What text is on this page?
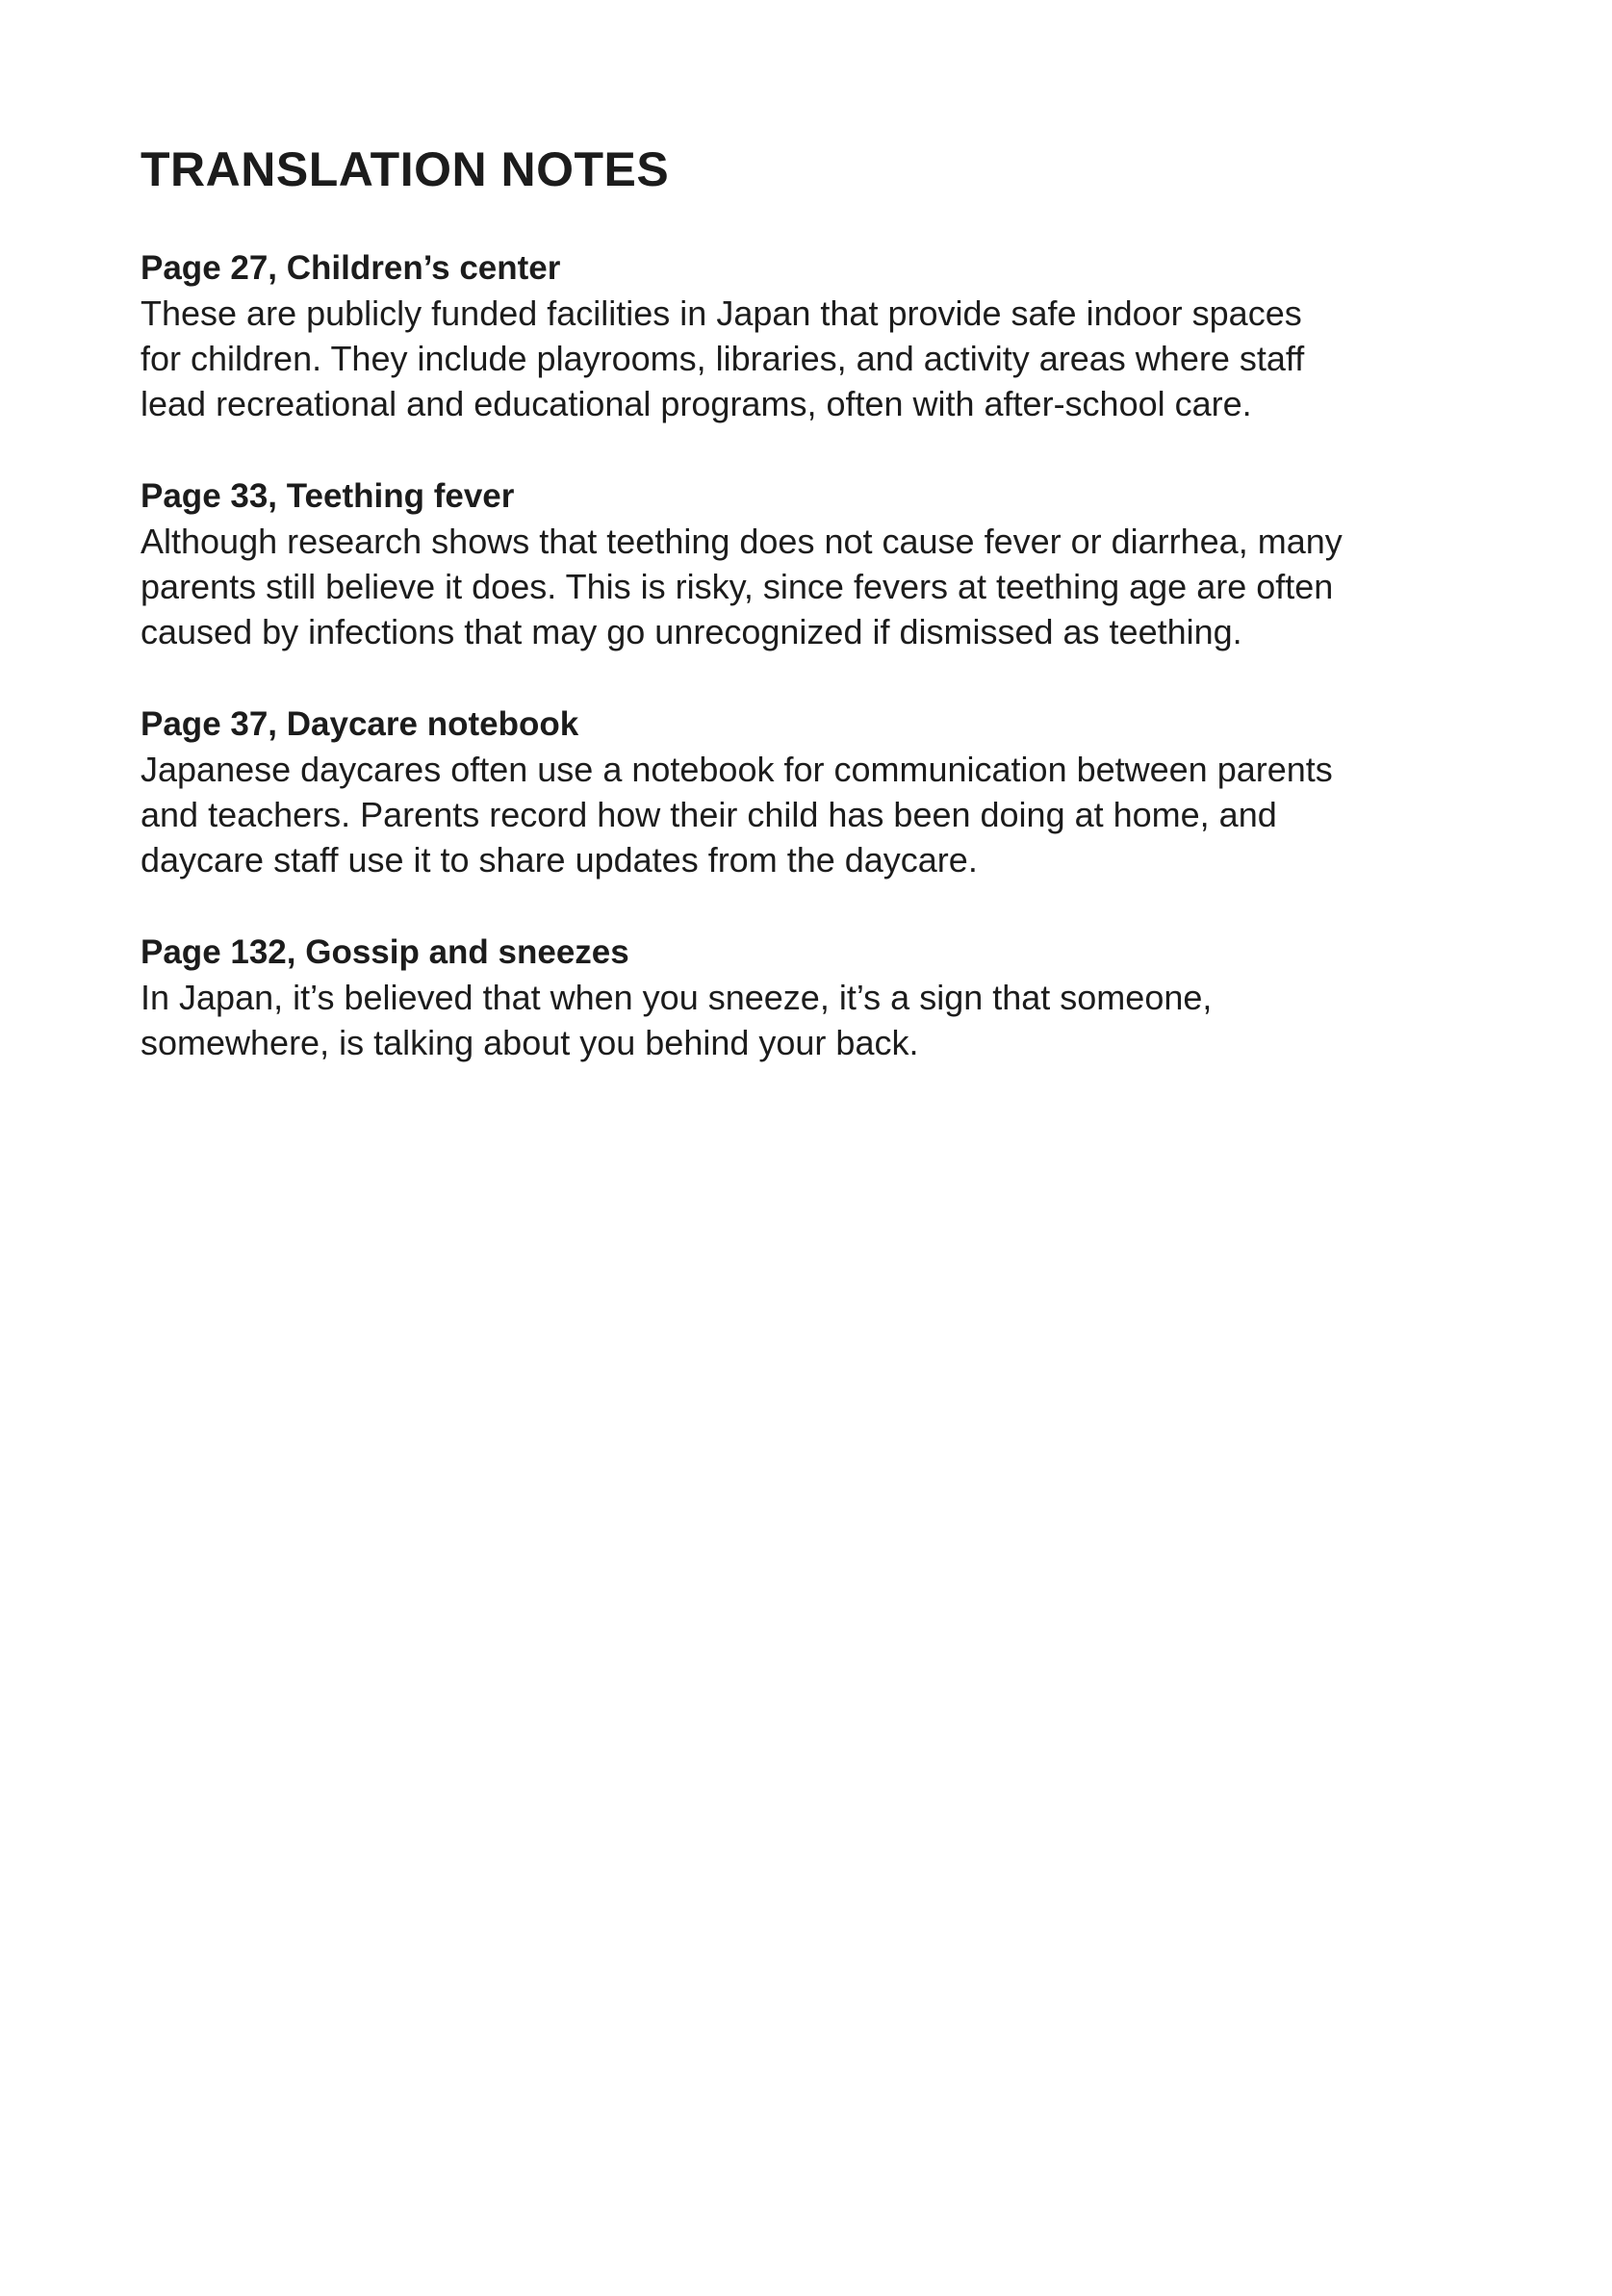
TRANSLATION NOTES
Page 27, Children’s center
These are publicly funded facilities in Japan that provide safe indoor spaces
for children. They include playrooms, libraries, and activity areas where staff
lead recreational and educational programs, often with after-school care.
Page 33, Teething fever
Although research shows that teething does not cause fever or diarrhea, many
parents still believe it does. This is risky, since fevers at teething age are often
caused by infections that may go unrecognized if dismissed as teething.
Page 37, Daycare notebook
Japanese daycares often use a notebook for communication between parents
and teachers. Parents record how their child has been doing at home, and
daycare staff use it to share updates from the daycare.
Page 132, Gossip and sneezes
In Japan, it’s believed that when you sneeze, it’s a sign that someone,
somewhere, is talking about you behind your back.
